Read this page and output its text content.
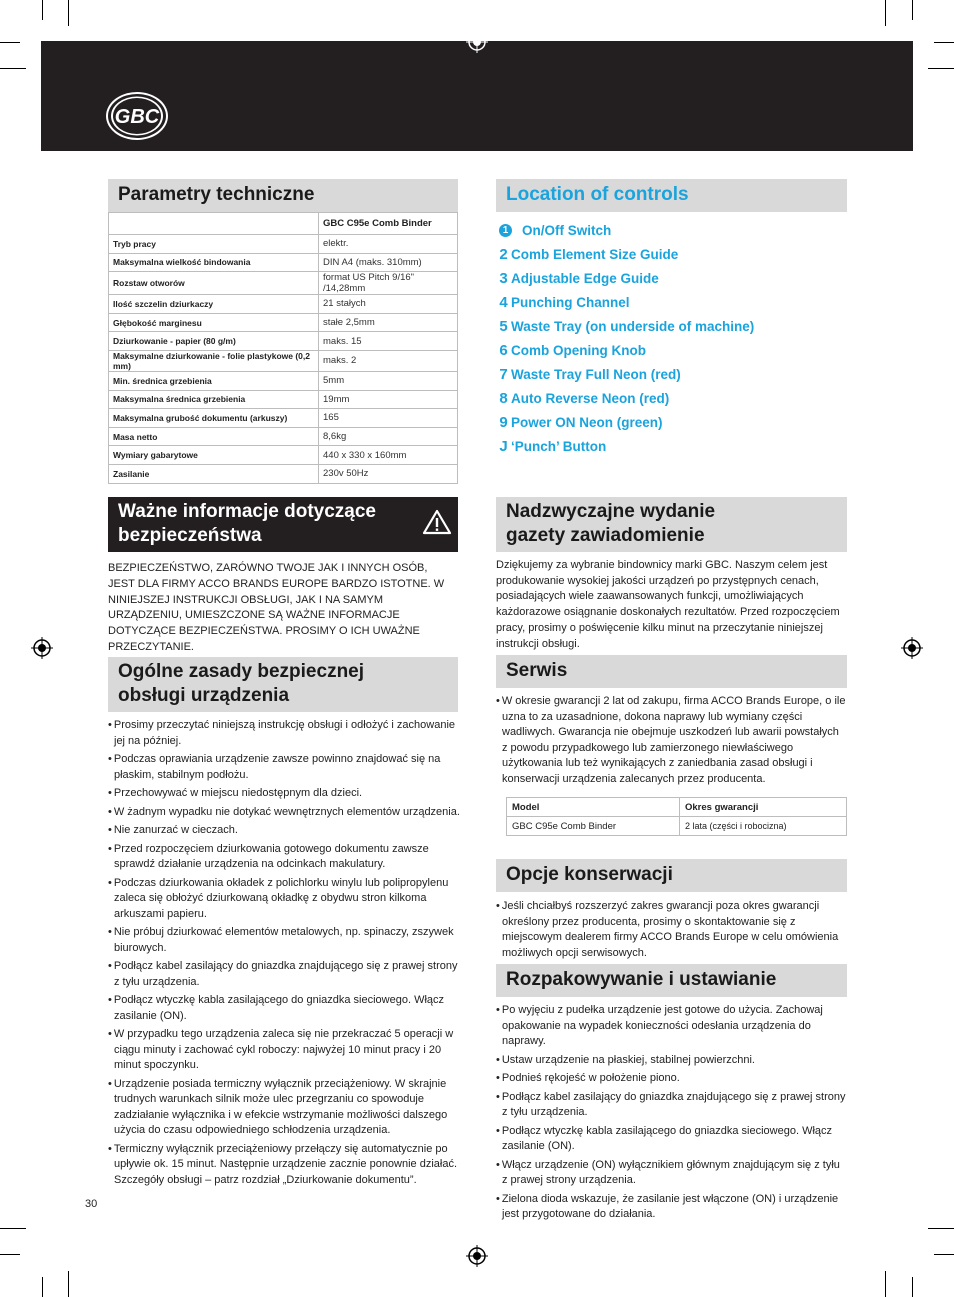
GBC
Parametry techniczne
	GBC C95e Comb Binder
Tryb pracy	elektr.
Maksymalna wielkość bindowania	DIN A4 (maks. 310mm)
Rozstaw otworów	format US Pitch 9/16" /14,28mm
Ilość szczelin dziurkaczy	21 stałych
Głębokość marginesu	stałe 2,5mm
Dziurkowanie - papier (80 g/m)	maks. 15
Maksymalne dziurkowanie - folie plastykowe (0,2 mm)	maks. 2
Min. średnica grzebienia	5mm
Maksymalna średnica grzebienia	19mm
Maksymalna grubość dokumentu (arkuszy)	165
Masa netto	8,6kg
Wymiary gabarytowe	440 x 330 x 160mm
Zasilanie	230v 50Hz
Location of controls
1 On/Off Switch
2 Comb Element Size Guide
3 Adjustable Edge Guide
4 Punching Channel
5 Waste Tray (on underside of machine)
6 Comb Opening Knob
7 Waste Tray Full Neon (red)
8 Auto Reverse Neon (red)
9 Power ON Neon (green)
J ‘Punch’ Button
Ważne informacje dotyczące
bezpieczeństwa

BEZPIECZEŃSTWO, ZARÓWNO TWOJE JAK I INNYCH OSÓB, JEST DLA FIRMY ACCO BRANDS EUROPE BARDZO ISTOTNE. W NINIEJSZEJ INSTRUKCJI OBSŁUGI, JAK I NA SAMYM URZĄDZENIU, UMIESZCZONE SĄ WAŻNE INFORMACJE DOTYCZĄCE BEZPIECZEŃSTWA. PROSIMY O ICH UWAŻNE PRZECZYTANIE.

Ogólne zasady bezpiecznej
obsługi urządzenia
• Prosimy przeczytać niniejszą instrukcję obsługi i odłożyć i zachowanie jej na później.
• Podczas oprawiania urządzenie zawsze powinno znajdować się na płaskim, stabilnym podłożu.
• Przechowywać w miejscu niedostępnym dla dzieci.
• W żadnym wypadku nie dotykać wewnętrznych elementów urządzenia.
• Nie zanurzać w cieczach.
• Przed rozpoczęciem dziurkowania gotowego dokumentu zawsze sprawdź działanie urządzenia na odcinkach makulatury.
• Podczas dziurkowania okładek z polichlorku winylu lub polipropylenu zaleca się obłożyć dziurkowaną okładkę z obydwu stron kilkoma arkuszami papieru.
• Nie próbuj dziurkować elementów metalowych, np. spinaczy, zszywek biurowych.
• Podłącz kabel zasilający do gniazdka znajdującego się z prawej strony z tyłu urządzenia.
• Podłącz wtyczkę kabla zasilającego do gniazdka sieciowego. Włącz zasilanie (ON).
• W przypadku tego urządzenia zaleca się nie przekraczać 5 operacji w ciągu minuty i zachować cykl roboczy: najwyżej 10 minut pracy i 20 minut spoczynku.
• Urządzenie posiada termiczny wyłącznik przeciążeniowy. W skrajnie trudnych warunkach silnik może ulec przegrzaniu co spowoduje zadziałanie wyłącznika i w efekcie wstrzymanie możliwości dalszego użycia do czasu odpowiedniego schłodzenia urządzenia.
• Termiczny wyłącznik przeciążeniowy przełączy się automatycznie po upływie ok. 15 minut. Następnie urządzenie zacznie ponownie działać. Szczegóły obsługi – patrz rozdział „Dziurkowanie dokumentu”.
Nadzwyczajne wydanie
gazety zawiadomienie

Dziękujemy za wybranie bindownicy marki GBC. Naszym celem jest produkowanie wysokiej jakości urządzeń po przystępnych cenach, posiadających wiele zaawansowanych funkcji, umożliwiających każdorazowe osiągnanie doskonałych rezultatów. Przed rozpoczęciem pracy, prosimy o poświęcenie kilku minut na przeczytanie niniejszej instrukcji obsługi.

Serwis
• W okresie gwarancji 2 lat od zakupu, firma ACCO Brands Europe, o ile uzna to za uzasadnione, dokona naprawy lub wymiany części wadliwych. Gwarancja nie obejmuje uszkodzeń lub awarii powstałych z powodu przypadkowego lub zamierzonego niewłaściwego użytkowania lub też wynikających z zaniedbania zasad obsługi i konserwacji urządzenia zalecanych przez producenta.
Model	Okres gwarancji
GBC C95e Comb Binder	2 lata (części i robocizna)
Opcje konserwacji
• Jeśli chciałbyś rozszerzyć zakres gwarancji poza okres gwarancji określony przez producenta, prosimy o skontaktowanie się z miejscowym dealerem firmy ACCO Brands Europe w celu omówienia możliwych opcji serwisowych.
Rozpakowywanie i ustawianie
• Po wyjęciu z pudełka urządzenie jest gotowe do użycia. Zachowaj opakowanie na wypadek konieczności odesłania urządzenia do naprawy.
• Ustaw urządzenie na płaskiej, stabilnej powierzchni.
• Podnieś rękojeść w położenie piono.
• Podłącz kabel zasilający do gniazdka znajdującego się z prawej strony z tyłu urządzenia.
• Podłącz wtyczkę kabla zasilającego do gniazdka sieciowego. Włącz zasilanie (ON).
• Włącz urządzenie (ON) wyłącznikiem głównym znajdującym się z tyłu z prawej strony urządzenia.
• Zielona dioda wskazuje, że zasilanie jest włączone (ON) i urządzenie jest przygotowane do działania.
30
